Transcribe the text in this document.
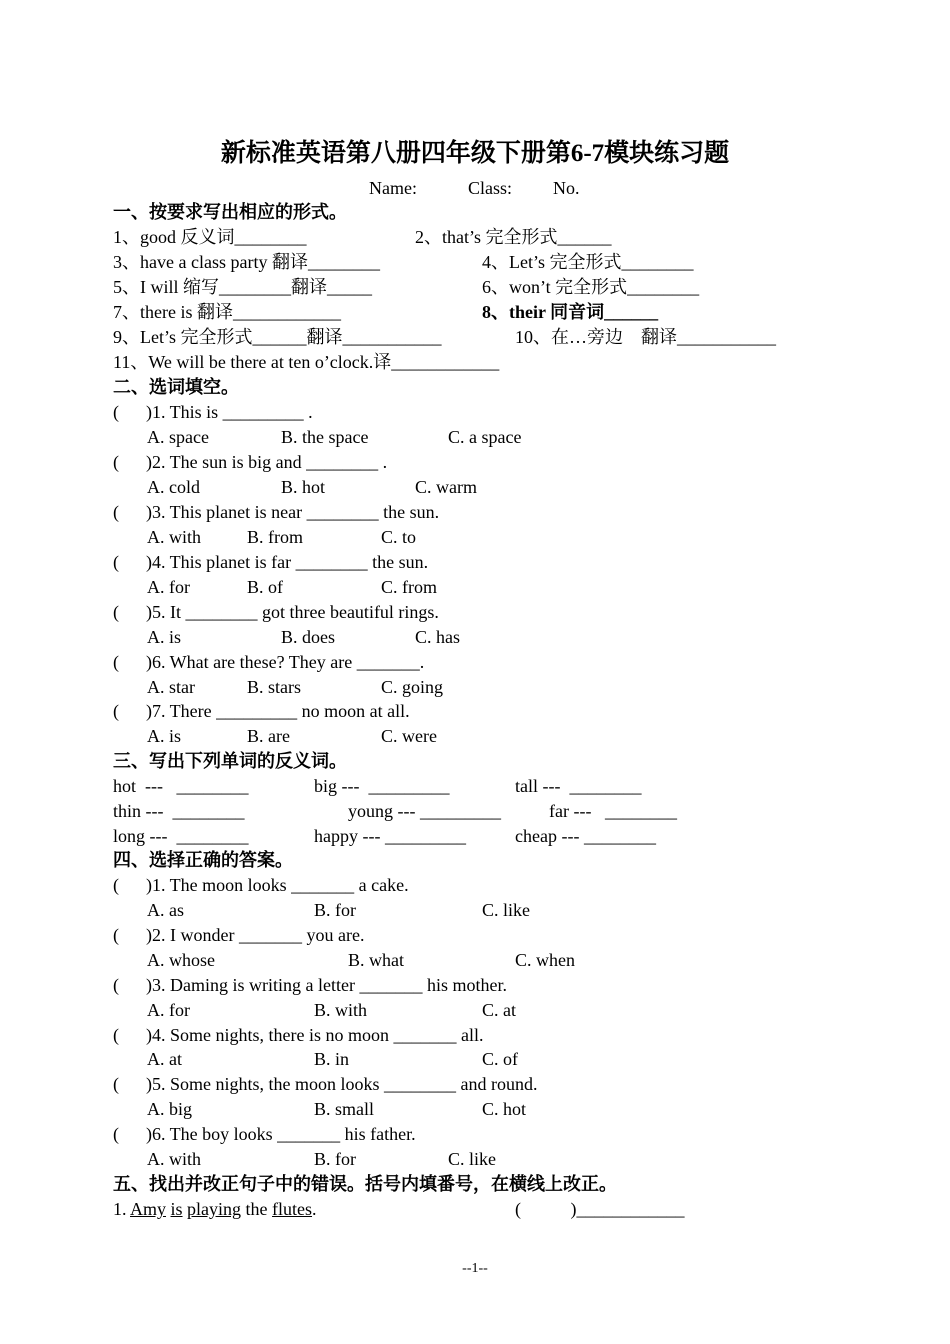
新标准英语第八册四年级下册第6-7模块练习题
Name:	Class: No.
一、按要求写出相应的形式。
1、good 反义词________	2、that’s 完全形式______
3、have a class party 翻译________	4、Let’s 完全形式________
5、I will 缩写________翻译_____	6、won’t 完全形式________
7、there is 翻译____________	8、their 同音词______
9、Let’s 完全形式______翻译___________	10、在…旁边　翻译___________
11、We will be there at ten o’clock.译____________
二、选词填空。
(      )1. This is _________ .
A. space	B. the space	C. a space
(      )2. The sun is big and ________ .
A. cold	B. hot	C. warm
(      )3. This planet is near ________ the sun.
A. with	B. from	C. to
(      )4. This planet is far ________ the sun.
A. for	B. of	C. from
(      )5. It ________ got three beautiful rings.
A. is	B. does	C. has
(      )6. What are these? They are _______.
A. star	B. stars	C. going
(      )7. There _________ no moon at all.
A. is	B. are	C. were
三、写出下列单词的反义词。
hot  ---   ________	big ---  _________	tall ---  ________
thin ---  ________	young --- _________	far ---   ________
long ---  ________	happy --- _________	cheap --- ________
四、选择正确的答案。
(      )1. The moon looks _______ a cake.
A. as	B. for	C. like
(      )2. I wonder _______ you are.
A. whose	B. what	C. when
(      )3. Daming is writing a letter _______ his mother.
A. for	B. with	C. at
(      )4. Some nights, there is no moon _______ all.
A. at	B. in	C. of
(      )5. Some nights, the moon looks ________ and round.
A. big	B. small	C. hot
(      )6. The boy looks _______ his father.
A. with	B. for	C. like
五、找出并改正句子中的错误。括号内填番号，在横线上改正。
1. Amy is playing the flutes.	(           )____________
--1--
